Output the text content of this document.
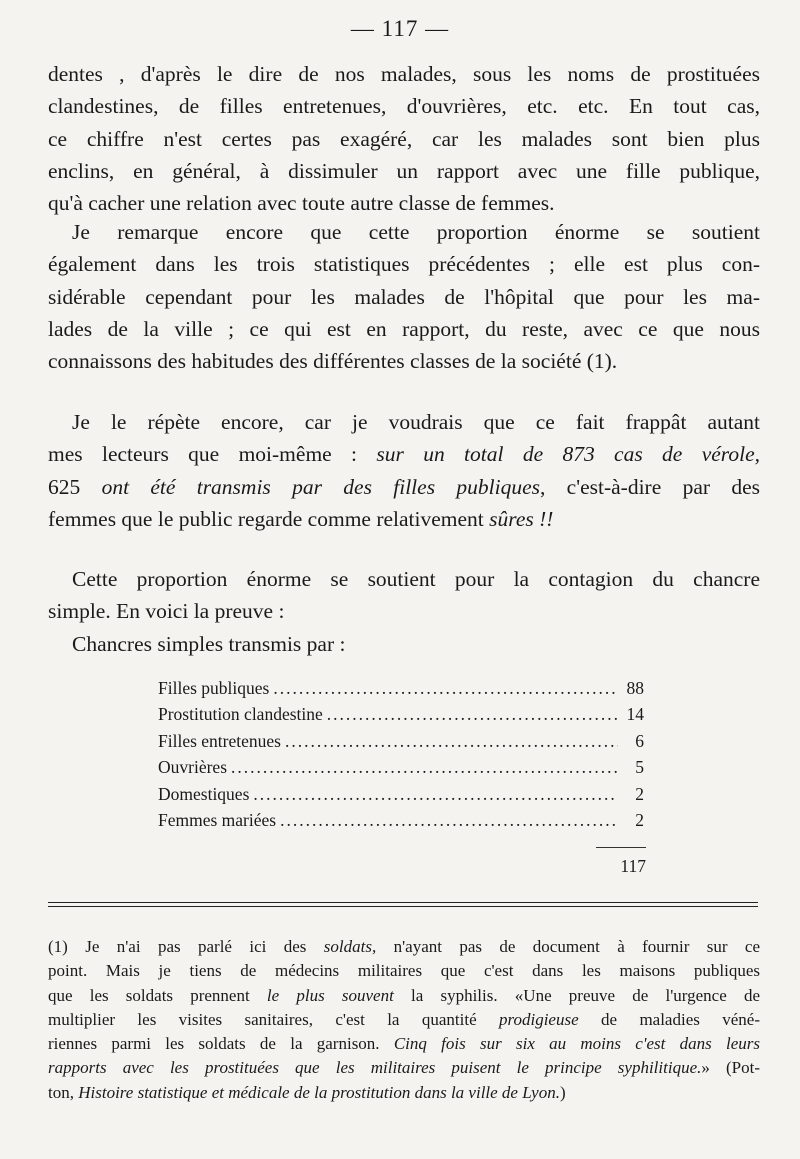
— 117 —
dentes , d'après le dire de nos malades, sous les noms de prostituées
clandestines, de filles entretenues, d'ouvrières, etc. etc. En tout cas,
ce chiffre n'est certes pas exagéré, car les malades sont bien plus
enclins, en général, à dissimuler un rapport avec une fille publique,
qu'à cacher une relation avec toute autre classe de femmes.
Je remarque encore que cette proportion énorme se soutient
également dans les trois statistiques précédentes ; elle est plus con-
sidérable cependant pour les malades de l'hôpital que pour les ma-
lades de la ville ; ce qui est en rapport, du reste, avec ce que nous
connaissons des habitudes des différentes classes de la société (1).
Je le répète encore, car je voudrais que ce fait frappât autant
mes lecteurs que moi-même : sur un total de 873 cas de vérole,
625 ont été transmis par des filles publiques, c'est-à-dire par des
femmes que le public regarde comme relativement sûres !!
Cette proportion énorme se soutient pour la contagion du chancre
simple. En voici la preuve :
Chancres simples transmis par :
Filles publiques .....	88
Prostitution clandestine .....	14
Filles entretenues .....	6
Ouvrières .....	5
Domestiques .....	2
Femmes mariées .....	2
117
(1) Je n'ai pas parlé ici des soldats, n'ayant pas de document à fournir sur ce
point. Mais je tiens de médecins militaires que c'est dans les maisons publiques
que les soldats prennent le plus souvent la syphilis. «Une preuve de l'urgence de
multiplier les visites sanitaires, c'est la quantité prodigieuse de maladies véné-
riennes parmi les soldats de la garnison. Cinq fois sur six au moins c'est dans leurs
rapports avec les prostituées que les militaires puisent le principe syphilitique.» (Pot-
ton, Histoire statistique et médicale de la prostitution dans la ville de Lyon.)
